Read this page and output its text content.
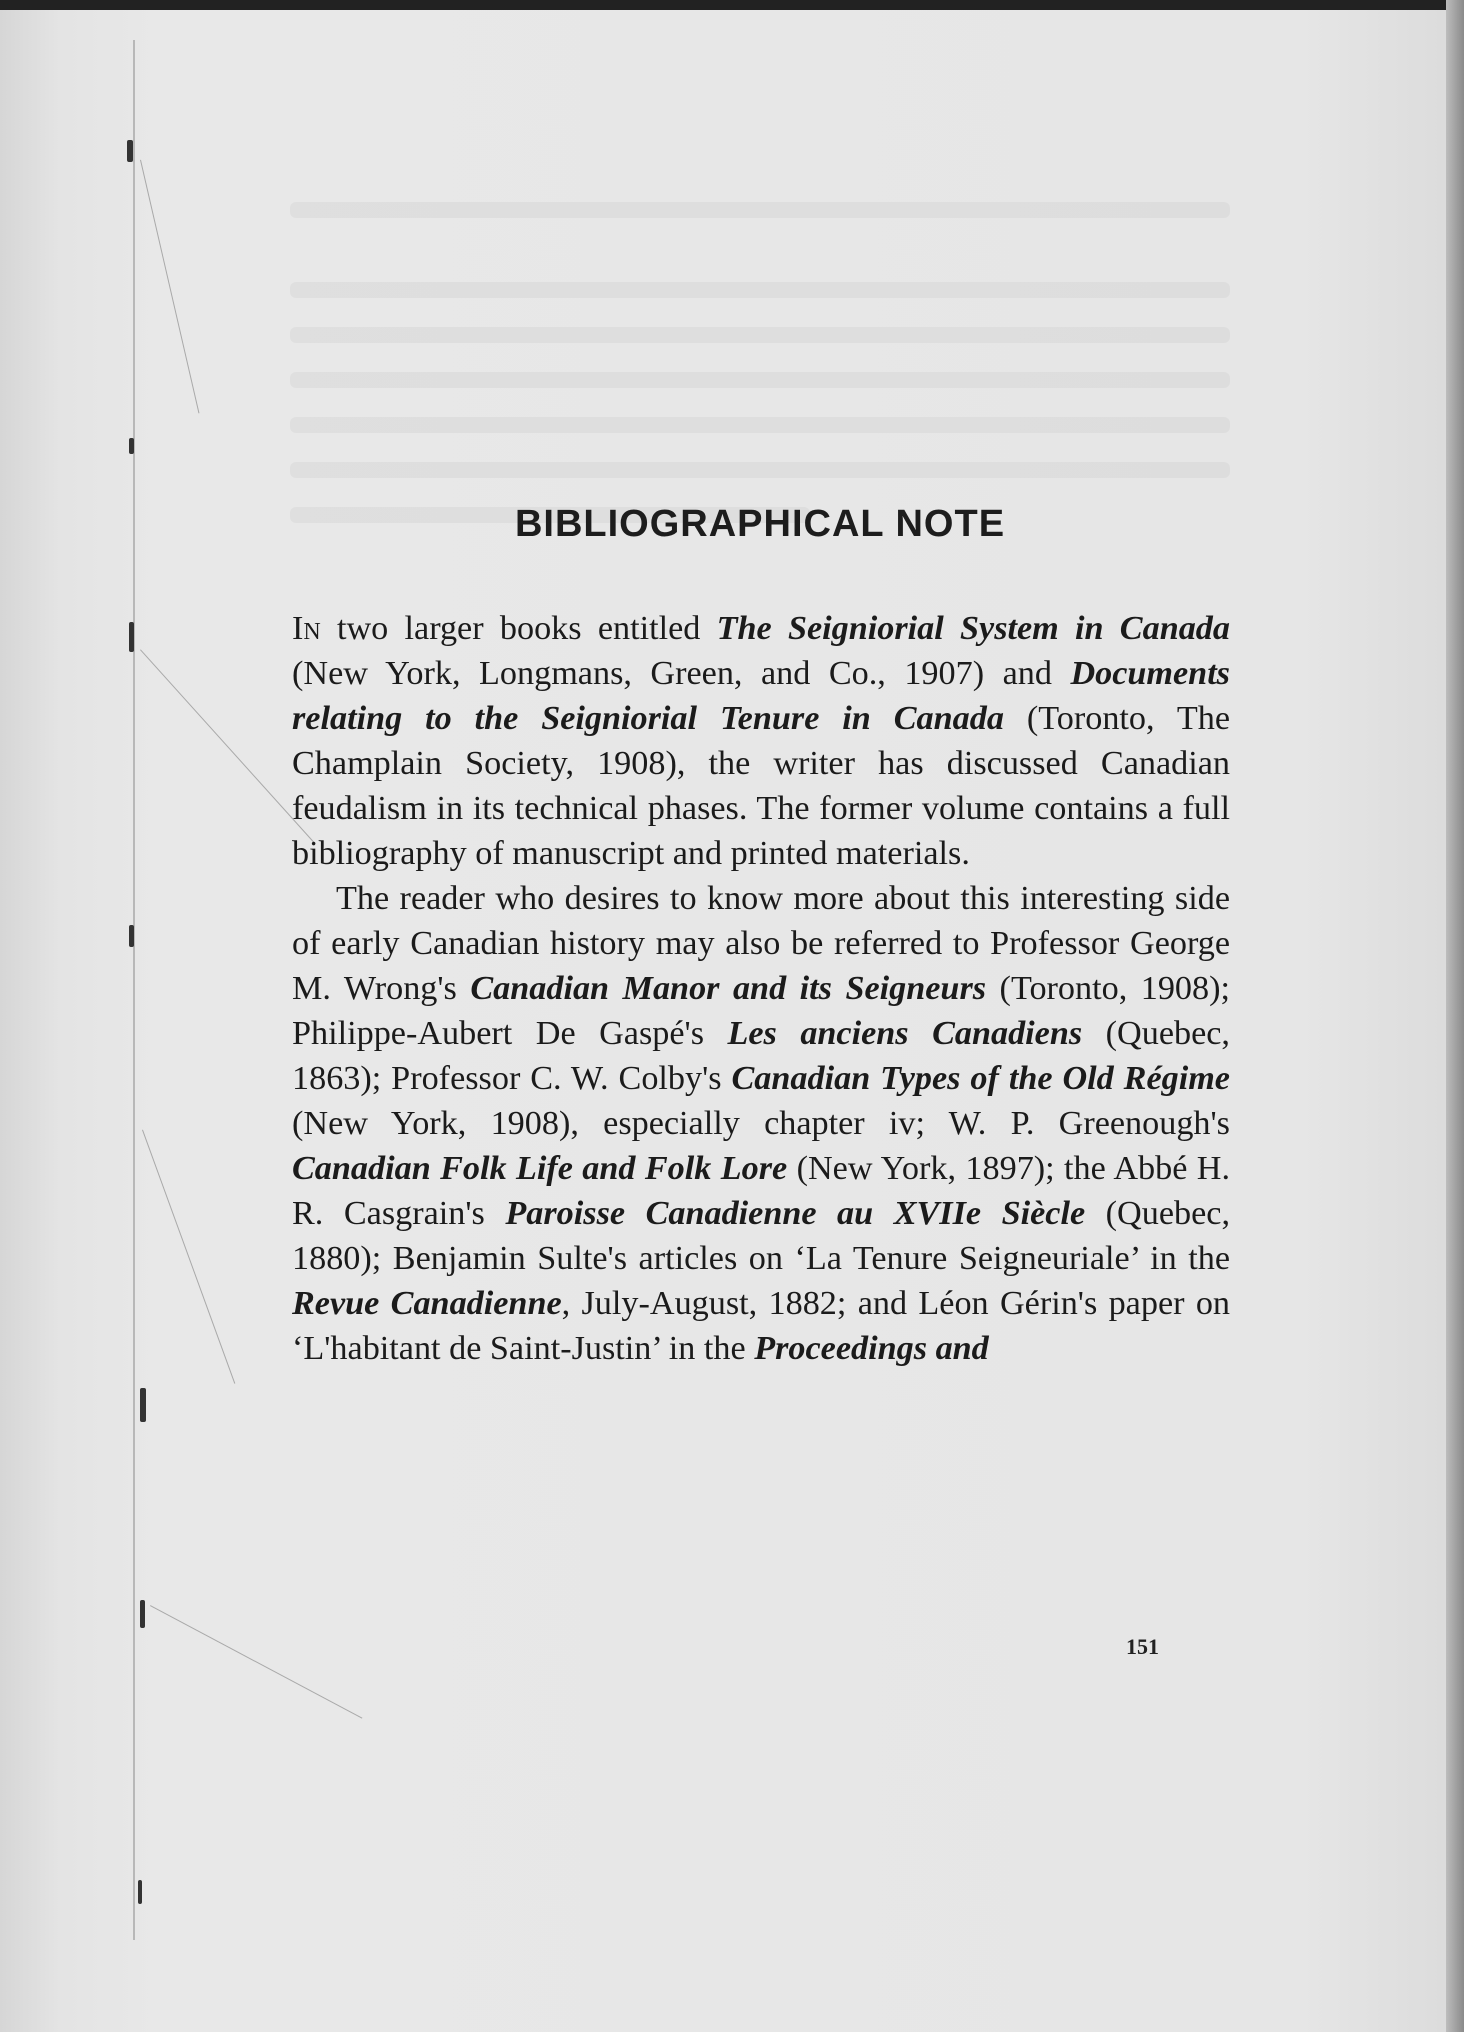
BIBLIOGRAPHICAL NOTE

In two larger books entitled The Seigniorial System in Canada (New York, Longmans, Green, and Co., 1907) and Documents relating to the Seigniorial Tenure in Canada (Toronto, The Champlain Society, 1908), the writer has discussed Canadian feudalism in its technical phases. The former volume contains a full bibliography of manuscript and printed materials.

The reader who desires to know more about this interesting side of early Canadian history may also be referred to Professor George M. Wrong's Canadian Manor and its Seigneurs (Toronto, 1908); Philippe-Aubert De Gaspé's Les anciens Canadiens (Quebec, 1863); Professor C. W. Colby's Canadian Types of the Old Régime (New York, 1908), especially chapter iv; W. P. Greenough's Canadian Folk Life and Folk Lore (New York, 1897); the Abbé H. R. Casgrain's Paroisse Canadienne au XVIIe Siècle (Quebec, 1880); Benjamin Sulte's articles on ‘La Tenure Seigneuriale’ in the Revue Canadienne, July-August, 1882; and Léon Gérin's paper on ‘L'habitant de Saint-Justin’ in the Proceedings and

151
